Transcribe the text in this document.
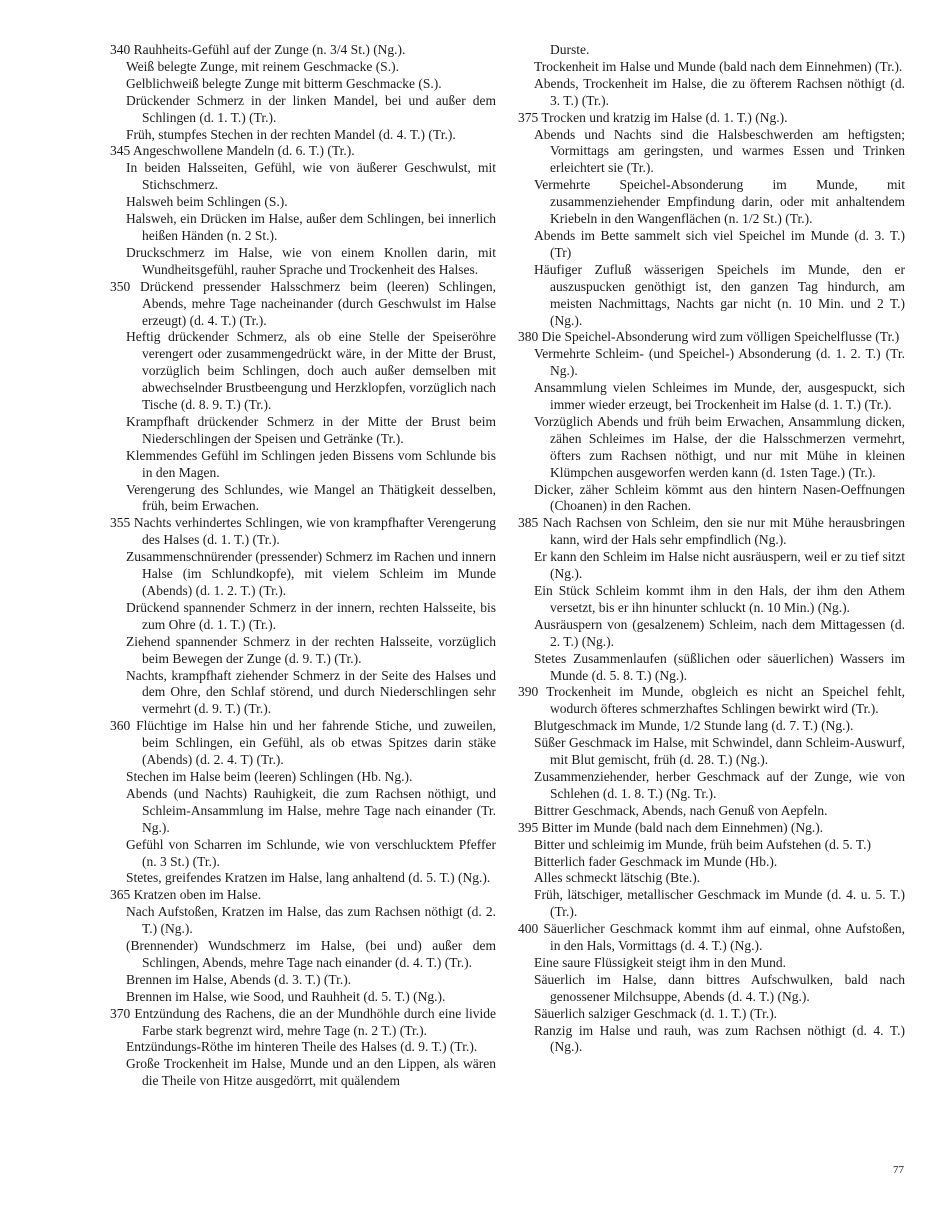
340 Rauhheits-Gefühl auf der Zunge (n. 3/4 St.) (Ng.).

Weiß belegte Zunge, mit reinem Geschmacke (S.).

Gelblichweiß belegte Zunge mit bitterm Geschmacke (S.).

Drückender Schmerz in der linken Mandel, bei und außer dem Schlingen (d. 1. T.) (Tr.).

Früh, stumpfes Stechen in der rechten Mandel (d. 4. T.) (Tr.).

345 Angeschwollene Mandeln (d. 6. T.) (Tr.).

In beiden Halsseiten, Gefühl, wie von äußerer Geschwulst, mit Stichschmerz.

Halsweh beim Schlingen (S.).

Halsweh, ein Drücken im Halse, außer dem Schlingen, bei innerlich heißen Händen (n. 2 St.).

Druckschmerz im Halse, wie von einem Knollen darin, mit Wundheitsgefühl, rauher Sprache und Trockenheit des Halses.

350 Drückend pressender Halsschmerz beim (leeren) Schlingen, Abends, mehre Tage nacheinander (durch Geschwulst im Halse erzeugt) (d. 4. T.) (Tr.).

Heftig drückender Schmerz, als ob eine Stelle der Speiseröhre verengert oder zusammengedrückt wäre, in der Mitte der Brust, vorzüglich beim Schlingen, doch auch außer demselben mit abwechselnder Brustbeengung und Herzklopfen, vorzüglich nach Tische (d. 8. 9. T.) (Tr.).

Krampfhaft drückender Schmerz in der Mitte der Brust beim Niederschlingen der Speisen und Getränke (Tr.).

Klemmendes Gefühl im Schlingen jeden Bissens vom Schlunde bis in den Magen.

Verengerung des Schlundes, wie Mangel an Thätigkeit desselben, früh, beim Erwachen.

355 Nachts verhindertes Schlingen, wie von krampfhafter Verengerung des Halses (d. 1. T.) (Tr.).

Zusammenschnürender (pressender) Schmerz im Rachen und innern Halse (im Schlundkopfe), mit vielem Schleim im Munde (Abends) (d. 1. 2. T.) (Tr.).

Drückend spannender Schmerz in der innern, rechten Halsseite, bis zum Ohre (d. 1. T.) (Tr.).

Ziehend spannender Schmerz in der rechten Halsseite, vorzüglich beim Bewegen der Zunge (d. 9. T.) (Tr.).

Nachts, krampfhaft ziehender Schmerz in der Seite des Halses und dem Ohre, den Schlaf störend, und durch Niederschlingen sehr vermehrt (d. 9. T.) (Tr.).

360 Flüchtige im Halse hin und her fahrende Stiche, und zuweilen, beim Schlingen, ein Gefühl, als ob etwas Spitzes darin stäke (Abends) (d. 2. 4. T) (Tr.).

Stechen im Halse beim (leeren) Schlingen (Hb. Ng.).

Abends (und Nachts) Rauhigkeit, die zum Rachsen nöthigt, und Schleim-Ansammlung im Halse, mehre Tage nach einander (Tr. Ng.).

Gefühl von Scharren im Schlunde, wie von verschlucktem Pfeffer (n. 3 St.) (Tr.).

Stetes, greifendes Kratzen im Halse, lang anhaltend (d. 5. T.) (Ng.).

365 Kratzen oben im Halse.

Nach Aufstoßen, Kratzen im Halse, das zum Rachsen nöthigt (d. 2. T.) (Ng.).

(Brennender) Wundschmerz im Halse, (bei und) außer dem Schlingen, Abends, mehre Tage nach einander (d. 4. T.) (Tr.).

Brennen im Halse, Abends (d. 3. T.) (Tr.).

Brennen im Halse, wie Sood, und Rauhheit (d. 5. T.) (Ng.).

370 Entzündung des Rachens, die an der Mundhöhle durch eine livide Farbe stark begrenzt wird, mehre Tage (n. 2 T.) (Tr.).

Entzündungs-Röthe im hinteren Theile des Halses (d. 9. T.) (Tr.).

Große Trockenheit im Halse, Munde und an den Lippen, als wären die Theile von Hitze ausgedörrt, mit quälendem

Durste.

Trockenheit im Halse und Munde (bald nach dem Einnehmen) (Tr.).

Abends, Trockenheit im Halse, die zu öfterem Rachsen nöthigt (d. 3. T.) (Tr.).

375 Trocken und kratzig im Halse (d. 1. T.) (Ng.).

Abends und Nachts sind die Halsbeschwerden am heftigsten; Vormittags am geringsten, und warmes Essen und Trinken erleichtert sie (Tr.).

Vermehrte Speichel-Absonderung im Munde, mit zusammenziehender Empfindung darin, oder mit anhaltendem Kriebeln in den Wangenflächen (n. 1/2 St.) (Tr.).

Abends im Bette sammelt sich viel Speichel im Munde (d. 3. T.) (Tr)

Häufiger Zufluß wässerigen Speichels im Munde, den er auszuspucken genöthigt ist, den ganzen Tag hindurch, am meisten Nachmittags, Nachts gar nicht (n. 10 Min. und 2 T.) (Ng.).

380 Die Speichel-Absonderung wird zum völligen Speichelflusse (Tr.)

Vermehrte Schleim- (und Speichel-) Absonderung (d. 1. 2. T.) (Tr. Ng.).

Ansammlung vielen Schleimes im Munde, der, ausgespuckt, sich immer wieder erzeugt, bei Trockenheit im Halse (d. 1. T.) (Tr.).

Vorzüglich Abends und früh beim Erwachen, Ansammlung dicken, zähen Schleimes im Halse, der die Halsschmerzen vermehrt, öfters zum Rachsen nöthigt, und nur mit Mühe in kleinen Klümpchen ausgeworfen werden kann (d. 1sten Tage.) (Tr.).

Dicker, zäher Schleim kömmt aus den hintern Nasen-Oeffnungen (Choanen) in den Rachen.

385 Nach Rachsen von Schleim, den sie nur mit Mühe herausbringen kann, wird der Hals sehr empfindlich (Ng.).

Er kann den Schleim im Halse nicht ausräuspern, weil er zu tief sitzt (Ng.).

Ein Stück Schleim kommt ihm in den Hals, der ihm den Athem versetzt, bis er ihn hinunter schluckt (n. 10 Min.) (Ng.).

Ausräuspern von (gesalzenem) Schleim, nach dem Mittagessen (d. 2. T.) (Ng.).

Stetes Zusammenlaufen (süßlichen oder säuerlichen) Wassers im Munde (d. 5. 8. T.) (Ng.).

390 Trockenheit im Munde, obgleich es nicht an Speichel fehlt, wodurch öfteres schmerzhaftes Schlingen bewirkt wird (Tr.).

Blutgeschmack im Munde, 1/2 Stunde lang (d. 7. T.) (Ng.).

Süßer Geschmack im Halse, mit Schwindel, dann Schleim-Auswurf, mit Blut gemischt, früh (d. 28. T.) (Ng.).

Zusammenziehender, herber Geschmack auf der Zunge, wie von Schlehen (d. 1. 8. T.) (Ng. Tr.).

Bittrer Geschmack, Abends, nach Genuß von Aepfeln.

395 Bitter im Munde (bald nach dem Einnehmen) (Ng.).

Bitter und schleimig im Munde, früh beim Aufstehen (d. 5. T.)

Bitterlich fader Geschmack im Munde (Hb.).

Alles schmeckt lätschig (Bte.).

Früh, lätschiger, metallischer Geschmack im Munde (d. 4. u. 5. T.) (Tr.).

400 Säuerlicher Geschmack kommt ihm auf einmal, ohne Aufstoßen, in den Hals, Vormittags (d. 4. T.) (Ng.).

Eine saure Flüssigkeit steigt ihm in den Mund.

Säuerlich im Halse, dann bittres Aufschwulken, bald nach genossener Milchsuppe, Abends (d. 4. T.) (Ng.).

Säuerlich salziger Geschmack (d. 1. T.) (Tr.).

Ranzig im Halse und rauh, was zum Rachsen nöthigt (d. 4. T.) (Ng.).

77
